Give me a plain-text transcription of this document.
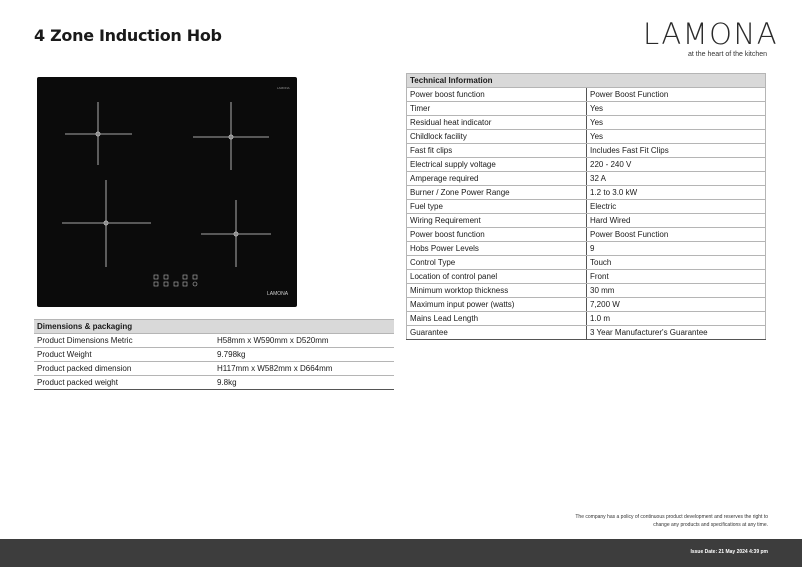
4 Zone Induction Hob	LAMONA
at the heart of the kitchen
LAMONA
LAMONA
Dimensions & packaging	
Product Dimensions Metric	H58mm x W590mm x D520mm
Product Weight	9.798kg
Product packed dimension	H117mm x W582mm x D664mm
Product packed weight	9.8kg
Technical Information	
Power boost function	Power Boost Function
Timer	Yes
Residual heat indicator	Yes
Childlock facility	Yes
Fast fit clips	Includes Fast Fit Clips
Electrical supply voltage	220 - 240 V
Amperage required	32 A
Burner / Zone Power Range	1.2 to 3.0 kW
Fuel type	Electric
Wiring Requirement	Hard Wired
Power boost function	Power Boost Function
Hobs Power Levels	9
Control Type	Touch
Location of control panel	Front
Minimum worktop thickness	30 mm
Maximum input power (watts)	7,200 W
Mains Lead Length	1.0 m
Guarantee	3 Year Manufacturer's Guarantee
The company has a policy of continuous product development and reserves the right to
change any products and specifications at any time.
Issue Date: 21 May 2024 4:39 pm
